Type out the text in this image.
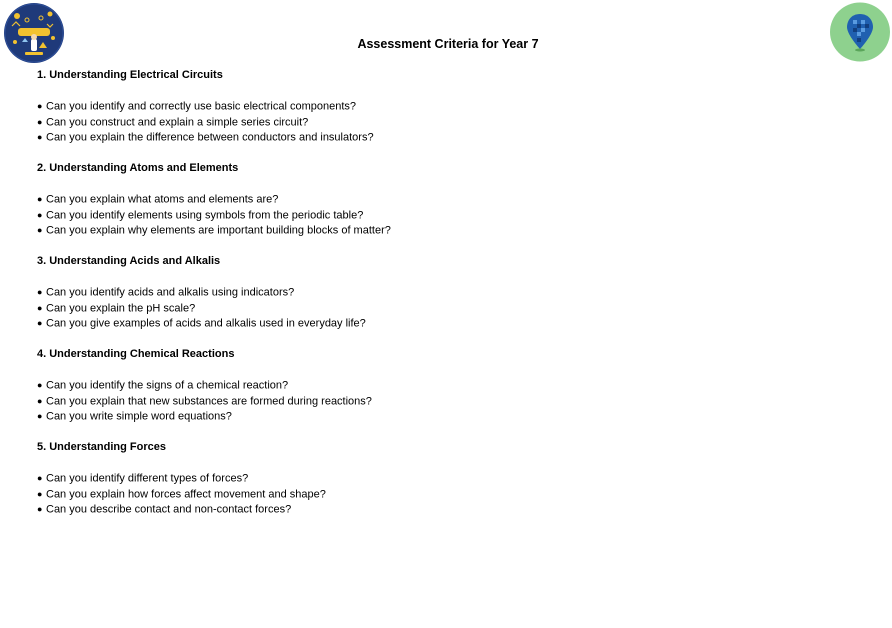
Assessment Criteria for Year 7
1. Understanding Electrical Circuits
● Can you identify and correctly use basic electrical components?
● Can you construct and explain a simple series circuit?
● Can you explain the difference between conductors and insulators?
2. Understanding Atoms and Elements
● Can you explain what atoms and elements are?
● Can you identify elements using symbols from the periodic table?
● Can you explain why elements are important building blocks of matter?
3. Understanding Acids and Alkalis
● Can you identify acids and alkalis using indicators?
● Can you explain the pH scale?
● Can you give examples of acids and alkalis used in everyday life?
4. Understanding Chemical Reactions
● Can you identify the signs of a chemical reaction?
● Can you explain that new substances are formed during reactions?
● Can you write simple word equations?
5. Understanding Forces
● Can you identify different types of forces?
● Can you explain how forces affect movement and shape?
● Can you describe contact and non-contact forces?
